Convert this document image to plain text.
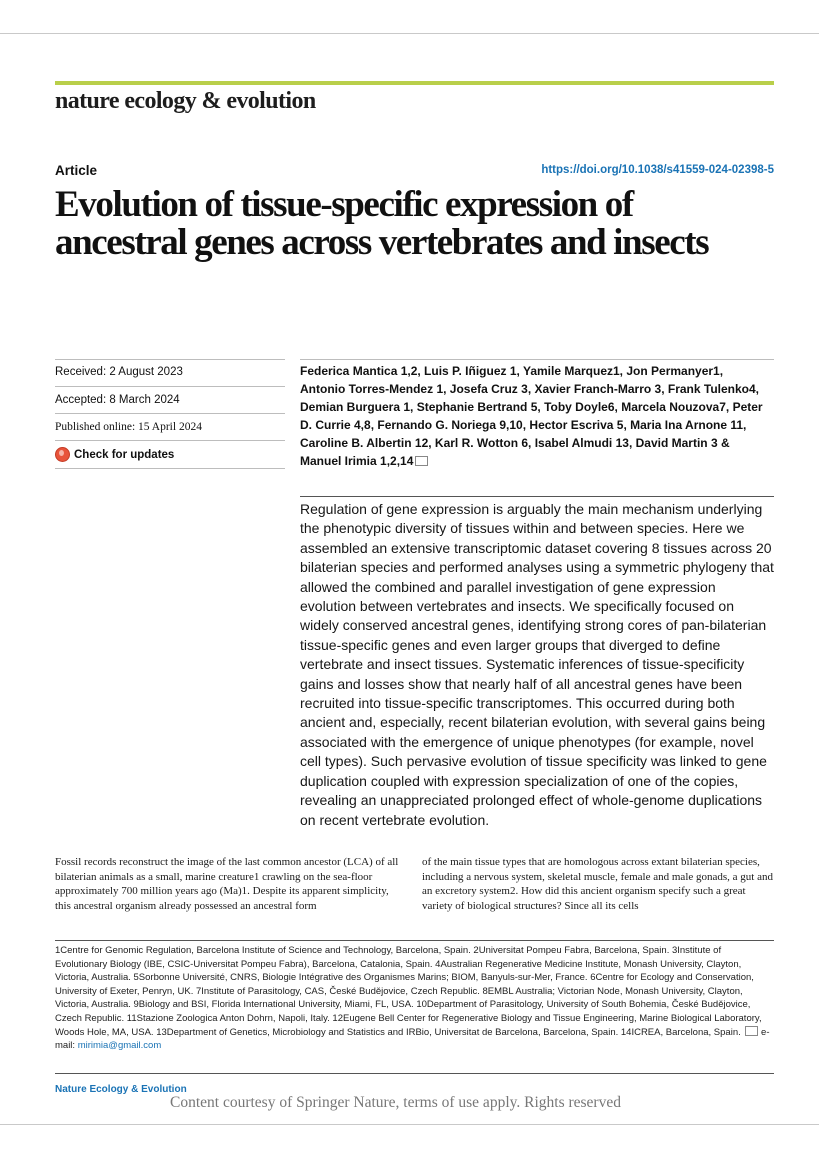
nature ecology & evolution
Article	https://doi.org/10.1038/s41559-024-02398-5
Evolution of tissue-specific expression of ancestral genes across vertebrates and insects
Received: 2 August 2023
Accepted: 8 March 2024
Published online: 15 April 2024
Check for updates
Federica Mantica 1,2, Luis P. Iñiguez 1, Yamile Marquez1, Jon Permanyer1, Antonio Torres-Mendez 1, Josefa Cruz 3, Xavier Franch-Marro 3, Frank Tulenko4, Demian Burguera 1, Stephanie Bertrand 5, Toby Doyle6, Marcela Nouzova7, Peter D. Currie 4,8, Fernando G. Noriega 9,10, Hector Escriva 5, Maria Ina Arnone 11, Caroline B. Albertin 12, Karl R. Wotton 6, Isabel Almudi 13, David Martin 3 & Manuel Irimia 1,2,14
Regulation of gene expression is arguably the main mechanism underlying the phenotypic diversity of tissues within and between species. Here we assembled an extensive transcriptomic dataset covering 8 tissues across 20 bilaterian species and performed analyses using a symmetric phylogeny that allowed the combined and parallel investigation of gene expression evolution between vertebrates and insects. We specifically focused on widely conserved ancestral genes, identifying strong cores of pan-bilaterian tissue-specific genes and even larger groups that diverged to define vertebrate and insect tissues. Systematic inferences of tissue-specificity gains and losses show that nearly half of all ancestral genes have been recruited into tissue-specific transcriptomes. This occurred during both ancient and, especially, recent bilaterian evolution, with several gains being associated with the emergence of unique phenotypes (for example, novel cell types). Such pervasive evolution of tissue specificity was linked to gene duplication coupled with expression specialization of one of the copies, revealing an unappreciated prolonged effect of whole-genome duplications on recent vertebrate evolution.
Fossil records reconstruct the image of the last common ancestor (LCA) of all bilaterian animals as a small, marine creature1 crawling on the sea-floor approximately 700 million years ago (Ma)1. Despite its apparent simplicity, this ancestral organism already possessed an ancestral form
of the main tissue types that are homologous across extant bilaterian species, including a nervous system, skeletal muscle, female and male gonads, a gut and an excretory system2. How did this ancient organism specify such a great variety of biological structures? Since all its cells
1Centre for Genomic Regulation, Barcelona Institute of Science and Technology, Barcelona, Spain. 2Universitat Pompeu Fabra, Barcelona, Spain. 3Institute of Evolutionary Biology (IBE, CSIC-Universitat Pompeu Fabra), Barcelona, Catalonia, Spain. 4Australian Regenerative Medicine Institute, Monash University, Clayton, Victoria, Australia. 5Sorbonne Université, CNRS, Biologie Intégrative des Organismes Marins; BIOM, Banyuls-sur-Mer, France. 6Centre for Ecology and Conservation, University of Exeter, Penryn, UK. 7Institute of Parasitology, CAS, České Budějovice, Czech Republic. 8EMBL Australia; Victorian Node, Monash University, Clayton, Victoria, Australia. 9Biology and BSI, Florida International University, Miami, FL, USA. 10Department of Parasitology, University of South Bohemia, České Budějovice, Czech Republic. 11Stazione Zoologica Anton Dohrn, Napoli, Italy. 12Eugene Bell Center for Regenerative Biology and Tissue Engineering, Marine Biological Laboratory, Woods Hole, MA, USA. 13Department of Genetics, Microbiology and Statistics and IRBio, Universitat de Barcelona, Barcelona, Spain. 14ICREA, Barcelona, Spain. e-mail: mirimia@gmail.com
Nature Ecology & Evolution
Content courtesy of Springer Nature, terms of use apply. Rights reserved
